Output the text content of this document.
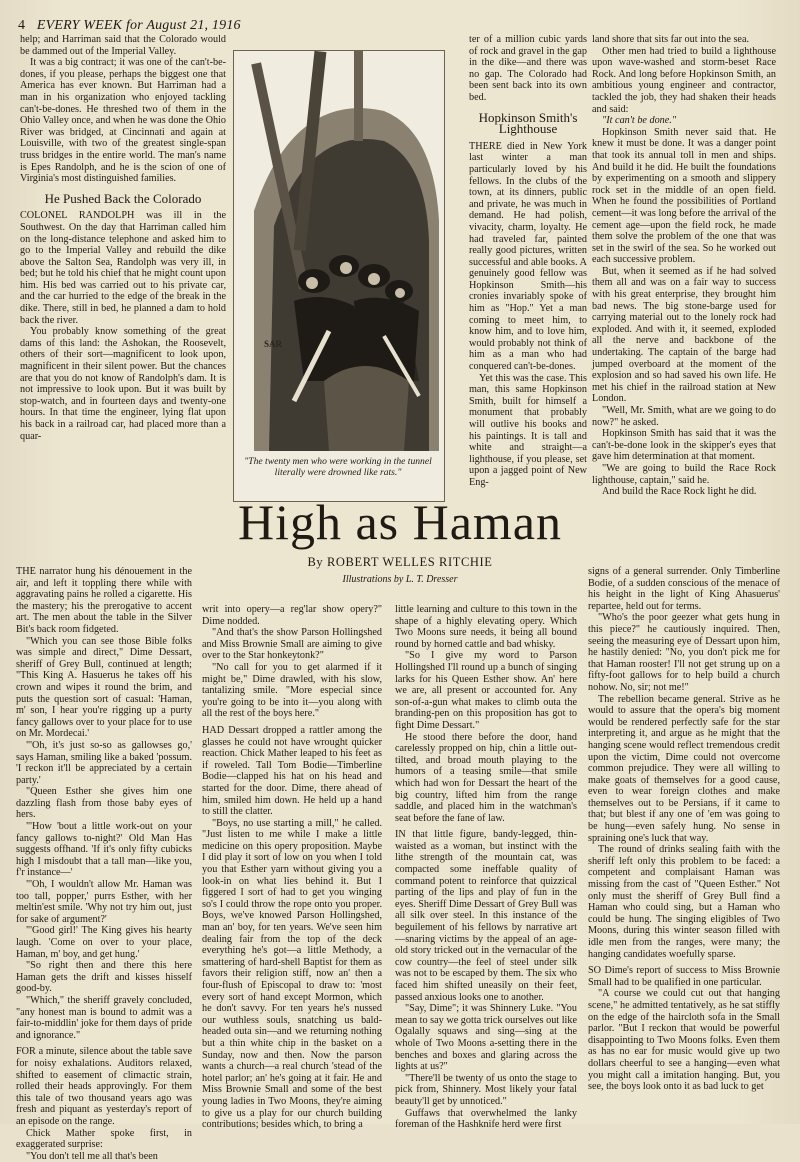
4 EVERY WEEK for August 21, 1916

help; and Harriman said that the Colorado would be dammed out of the Imperial Valley.

It was a big contract; it was one of the can't-be-dones, if you please, perhaps the biggest one that America has ever known. But Harriman had a man in his organization who enjoyed tackling can't-be-dones. He threshed two of them in the Ohio Valley once, and when he was done the Ohio River was bridged, at Cincinnati and again at Louisville, with two of the greatest single-span truss bridges in the entire world. The man's name is Epes Randolph, and he is the scion of one of Virginia's most distinguished families.

He Pushed Back the Colorado

COLONEL RANDOLPH was ill in the Southwest. On the day that Harriman called him on the long-distance telephone and asked him to go to the Imperial Valley and rebuild the dike above the Salton Sea, Randolph was very ill, in bed; but he told his chief that he might count upon him. His bed was carried out to his private car, and the car hurried to the edge of the break in the dike. There, still in bed, he planned a dam to hold back the river.

You probably know something of the great dams of this land: the Ashokan, the Roosevelt, others of their sort—magnificent to look upon, magnificent in their silent power. But the chances are that you do not know of Randolph's dam. It is not impressive to look upon. But it was built by stop-watch, and in fourteen days and twenty-one hours. In that time the engineer, lying flat upon his back in a railroad car, had placed more than a quar-

SAR
"The twenty men who were working in the tunnel literally were drowned like rats."

ter of a million cubic yards of rock and gravel in the gap in the dike—and there was no gap. The Colorado had been sent back into its own bed.

Hopkinson Smith's Lighthouse

THERE died in New York last winter a man particularly loved by his fellows. In the clubs of the town, at its dinners, public and private, he was much in demand. He had polish, vivacity, charm, loyalty. He had traveled far, painted really good pictures, written successful and able books. A genuinely good fellow was Hopkinson Smith—his cronies invariably spoke of him as "Hop." Yet a man coming to meet him, to know him, and to love him, would probably not think of him as a man who had conquered can't-be-dones.

Yet this was the case. This man, this same Hopkinson Smith, built for himself a monument that probably will outlive his books and his paintings. It is tall and white and straight—a lighthouse, if you please, set upon a jagged point of New Eng-

land shore that sits far out into the sea.

Other men had tried to build a lighthouse upon wave-washed and storm-beset Race Rock. And long before Hopkinson Smith, an ambitious young engineer and contractor, tackled the job, they had shaken their heads and said:

"It can't be done."

Hopkinson Smith never said that. He knew it must be done. It was a danger point that took its annual toll in men and ships. And build it he did. He built the foundations by experimenting on a smooth and slippery rock set in the middle of an open field. When he found the possibilities of Portland cement—it was long before the arrival of the cement age—upon the field rock, he made them solve the problem of the one that was set in the swirl of the sea. So he worked out each successive problem.

But, when it seemed as if he had solved them all and was on a fair way to success with his great enterprise, they brought him bad news. The big stone-barge used for carrying material out to the lonely rock had exploded. And with it, it seemed, exploded all the nerve and backbone of the undertaking. The captain of the barge had jumped overboard at the moment of the explosion and so had saved his own life. He met his chief in the railroad station at New London.

"Well, Mr. Smith, what are we going to do now?" he asked.

Hopkinson Smith has said that it was the can't-be-done look in the skipper's eyes that gave him determination at that moment.

"We are going to build the Race Rock lighthouse, captain," said he.

And build the Race Rock light he did.

High as Haman
By ROBERT WELLES RITCHIE
Illustrations by L. T. Dresser

THE narrator hung his dénouement in the air, and left it toppling there while with aggravating pains he rolled a cigarette. His the mastery; his the prerogative to accent art. The men about the table in the Silver Bit's back room fidgeted.

"Which you can see those Bible folks was simple and direct," Dime Dessart, sheriff of Grey Bull, continued at length; "This King A. Hasuerus he takes off his crown and wipes it round the brim, and puts the question sort of casual: 'Haman, m' son, I hear you're rigging up a purty fancy gallows over to your place for to use on Mr. Mordecai.'

"'Oh, it's just so-so as gallowses go,' says Haman, smiling like a baked 'possum. 'I reckon it'll be appreciated by a certain party.'

"Queen Esther she gives him one dazzling flash from those baby eyes of hers.

"'How 'bout a little work-out on your fancy gallows to-night?' Old Man Has suggests offhand. 'If it's only fifty cubicks high I misdoubt that a tall man—like you, f'r instance—'

"'Oh, I wouldn't allow Mr. Haman was too tall, popper,' purrs Esther, with her meltin'est smile. 'Why not try him out, just for sake of argument?'

"'Good girl!' The King gives his hearty laugh. 'Come on over to your place, Haman, m' boy, and get hung.'

"So right then and there this here Haman gets the drift and kisses hisself good-by.

"Which," the sheriff gravely concluded, "any honest man is bound to admit was a fair-to-middlin' joke for them days of pride and ignorance."

FOR a minute, silence about the table save for noisy exhalations. Auditors relaxed, shifted to easement of climactic strain, rolled their heads approvingly. For them this tale of two thousand years ago was fresh and piquant as yesterday's report of an episode on the range.

Chick Mather spoke first, in exaggerated surprise:

"You don't tell me all that's been

writ into opery—a reg'lar show opery?" Dime nodded.

"And that's the show Parson Hollingshed and Miss Brownie Small are aiming to give over to the Star honkeytonk?"

"No call for you to get alarmed if it might be," Dime drawled, with his slow, tantalizing smile. "More especial since you're going to be into it—you along with all the rest of the boys here."

HAD Dessart dropped a rattler among the glasses he could not have wrought quicker reaction. Chick Mather leaped to his feet as if roweled. Tall Tom Bodie—Timberline Bodie—clapped his hat on his head and started for the door. Dime, there ahead of him, smiled him down. He held up a hand to still the clatter.

"Boys, no use starting a mill," he called. "Just listen to me while I make a little medicine on this opery proposition. Maybe I did play it sort of low on you when I told you that Esther yarn without giving you a look-in on what lies behind it. But I figgered I sort of had to get you winging so's I could throw the rope onto you proper. Boys, we've knowed Parson Hollingshed, man an' boy, for ten years. We've seen him dealing fair from the top of the deck everything he's got—a little Methody, a smattering of hard-shell Baptist for them as favors their religion stiff, now an' then a four-flush of Episcopal to draw to: 'most every sort of hand except Mormon, which he don't savvy. For ten years he's nussed our wuthless souls, snatching us bald-headed outa sin—and we returning nothing but a thin white chip in the basket on a Sunday, now and then. Now the parson wants a church—a real church 'stead of the hotel parlor; an' he's going at it fair. He and Miss Brownie Small and some of the best young ladies in Two Moons, they're aiming to give us a play for our church building contributions; besides which, to bring a

little learning and culture to this town in the shape of a highly elevating opery. Which Two Moons sure needs, it being all bound round by horned cattle and bad whisky.

"So I give my word to Parson Hollingshed I'll round up a bunch of singing larks for his Queen Esther show. An' here we are, all present or accounted for. Any son-of-a-gun what makes to climb outa the branding-pen on this proposition has got to fight Dime Dessart."

He stood there before the door, hand carelessly propped on hip, chin a little out-tilted, and broad mouth playing to the humors of a teasing smile—that smile which had won for Dessart the heart of the big country, lifted him from the range saddle, and placed him in the watchman's seat before the fane of law.

IN that little figure, bandy-legged, thin-waisted as a woman, but instinct with the lithe strength of the mountain cat, was compacted some ineffable quality of command potent to reinforce that quizzical parting of the lips and play of fun in the eyes. Sheriff Dime Dessart of Grey Bull was all silk over steel. In this instance of the beguilement of his fellows by narrative art—snaring victims by the appeal of an age-old story tricked out in the vernacular of the cow country—the feel of steel under silk was not to be escaped by them. The six who faced him shifted uneasily on their feet, passed anxious looks one to another.

"Say, Dime"; it was Shinnery Luke. "You mean to say we gotta trick ourselves out like Ogalally squaws and sing—sing at the whole of Two Moons a-setting there in the benches and boxes and glaring across the lights at us?"

"There'll be twenty of us onto the stage to pick from, Shinnery. Most likely your fatal beauty'll get by unnoticed."

Guffaws that overwhelmed the lanky foreman of the Hashknife herd were first

signs of a general surrender. Only Timberline Bodie, of a sudden conscious of the menace of his height in the light of King Ahasuerus' repartee, held out for terms.

"Who's the poor geezer what gets hung in this piece?" he cautiously inquired. Then, seeing the measuring eye of Dessart upon him, he hastily denied: "No, you don't pick me for that Haman rooster! I'll not get strung up on a fifty-foot gallows for to help build a church nohow. No, sir; not me!"

The rebellion became general. Strive as he would to assure that the opera's big moment would be rendered perfectly safe for the star interpreting it, and argue as he might that the hanging scene would reflect tremendous credit upon the victim, Dime could not overcome common prejudice. They were all willing to make goats of themselves for a good cause, even to wear foreign clothes and make themselves out to be Persians, if it came to that; but blest if any one of 'em was going to be hung—even safely hung. No sense in spraining one's luck that way.

The round of drinks sealing faith with the sheriff left only this problem to be faced: a competent and complaisant Haman was missing from the cast of "Queen Esther." Not only must the sheriff of Grey Bull find a Haman who could sing, but a Haman who could be hung. The singing eligibles of Two Moons, during this winter season filled with idle men from the ranges, were many; the hanging candidates woefully sparse.

SO Dime's report of success to Miss Brownie Small had to be qualified in one particular.

"A course we could cut out that hanging scene," he admitted tentatively, as he sat stiffly on the edge of the haircloth sofa in the Small parlor. "But I reckon that would be powerful disappointing to Two Moons folks. Even them as has no ear for music would give up two dollars cheerful to see a hanging—even what you might call a imitation hanging. But, you see, the boys look onto it as bad luck to get
